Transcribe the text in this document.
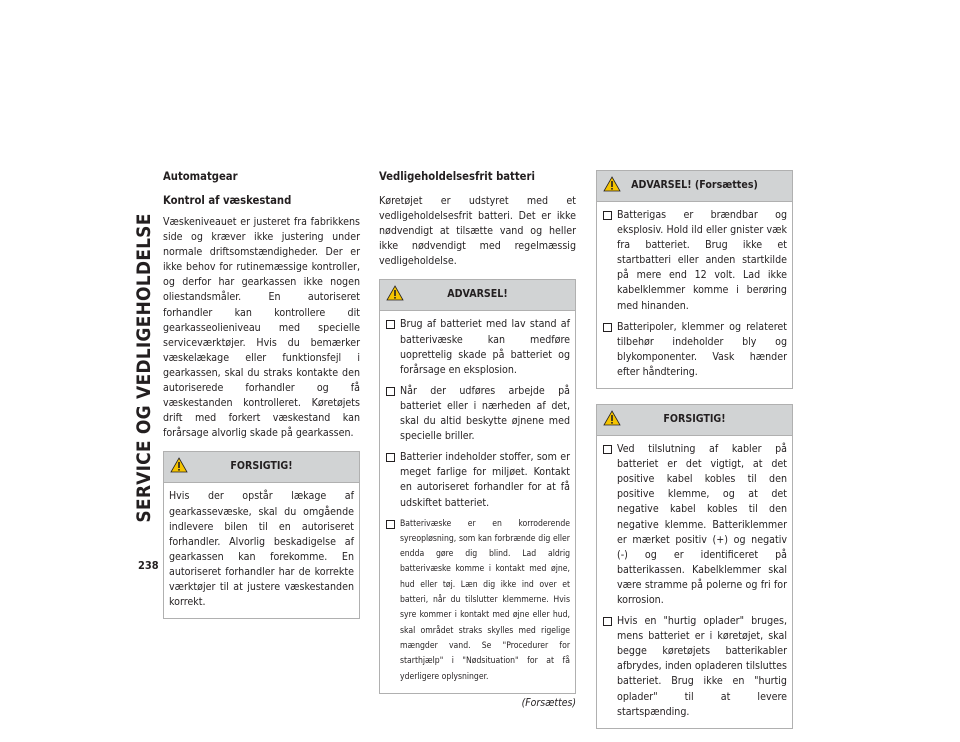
SERVICE OG VEDLIGEHOLDELSE
238
Automatgear
Kontrol af væskestand

Væskeniveauet er justeret fra fabrikkens side og kræver ikke justering under normale driftsomstændigheder. Der er ikke behov for rutinemæssige kontroller, og derfor har gearkassen ikke nogen oliestandsmåler. En autoriseret forhandler kan kontrollere dit gearkasseolieniveau med specielle serviceværktøjer. Hvis du bemærker væskelækage eller funktionsfejl i gearkassen, skal du straks kontakte den autoriserede forhandler og få væskestanden kontrolleret. Køretøjets drift med forkert væskestand kan forårsage alvorlig skade på gearkassen.

FORSIGTIG!

Hvis der opstår lækage af gearkassevæske, skal du omgående indlevere bilen til en autoriseret forhandler. Alvorlig beskadigelse af gearkassen kan forekomme. En autoriseret forhandler har de korrekte værktøjer til at justere væskestanden korrekt.

Vedligeholdelsesfrit batteri

Køretøjet er udstyret med et vedligeholdelsesfrit batteri. Det er ikke nødvendigt at tilsætte vand og heller ikke nødvendigt med regelmæssig vedligeholdelse.

ADVARSEL!
Brug af batteriet med lav stand af batterivæske kan medføre uoprettelig skade på batteriet og forårsage en eksplosion.
Når der udføres arbejde på batteriet eller i nærheden af det, skal du altid beskytte øjnene med specielle briller.
Batterier indeholder stoffer, som er meget farlige for miljøet. Kontakt en autoriseret forhandler for at få udskiftet batteriet.
Batterivæske er en korroderende syreopløsning, som kan forbrænde dig eller endda gøre dig blind. Lad aldrig batterivæske komme i kontakt med øjne, hud eller tøj. Læn dig ikke ind over et batteri, når du tilslutter klemmerne. Hvis syre kommer i kontakt med øjne eller hud, skal området straks skylles med rigelige mængder vand. Se "Procedurer for starthjælp" i "Nødsituation" for at få yderligere oplysninger.
(Forsættes)
ADVARSEL! (Forsættes)
Batterigas er brændbar og eksplosiv. Hold ild eller gnister væk fra batteriet. Brug ikke et startbatteri eller anden startkilde på mere end 12 volt. Lad ikke kabelklemmer komme i berøring med hinanden.
Batteripoler, klemmer og relateret tilbehør indeholder bly og blykomponenter. Vask hænder efter håndtering.
FORSIGTIG!
Ved tilslutning af kabler på batteriet er det vigtigt, at det positive kabel kobles til den positive klemme, og at det negative kabel kobles til den negative klemme. Batteriklemmer er mærket positiv (+) og negativ (-) og er identificeret på batterikassen. Kabelklemmer skal være stramme på polerne og fri for korrosion.
Hvis en "hurtig oplader" bruges, mens batteriet er i køretøjet, skal begge køretøjets batterikabler afbrydes, inden opladeren tilsluttes batteriet. Brug ikke en "hurtig oplader" til at levere startspænding.
